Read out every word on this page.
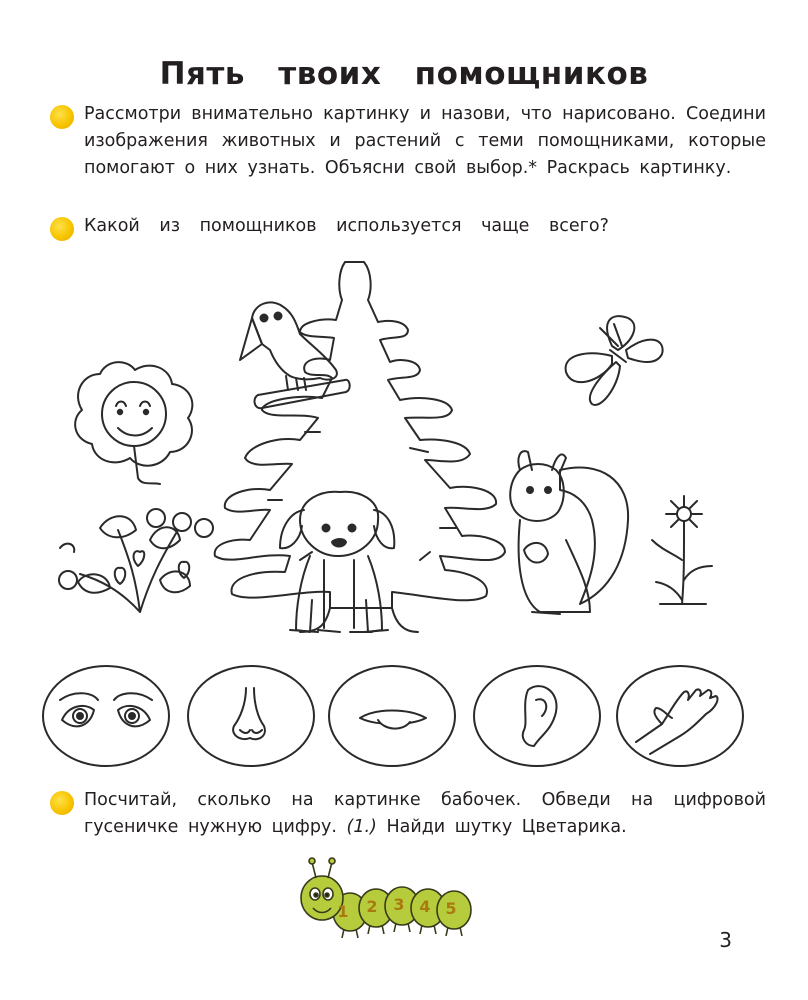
Пять твоих помощников

Рассмотри внимательно картинку и назови, что нарисовано. Соедини изображения животных и растений с теми помощниками, которые помогают о них узнать. Объясни свой выбор.* Раскрась картинку.

Какой из помощников используется чаще всего?

Посчитай, сколько на картинке бабочек. Обведи на цифровой гусеничке нужную цифру. (1.) Найди шутку Цветарика.

1 2 3 4 5
3
